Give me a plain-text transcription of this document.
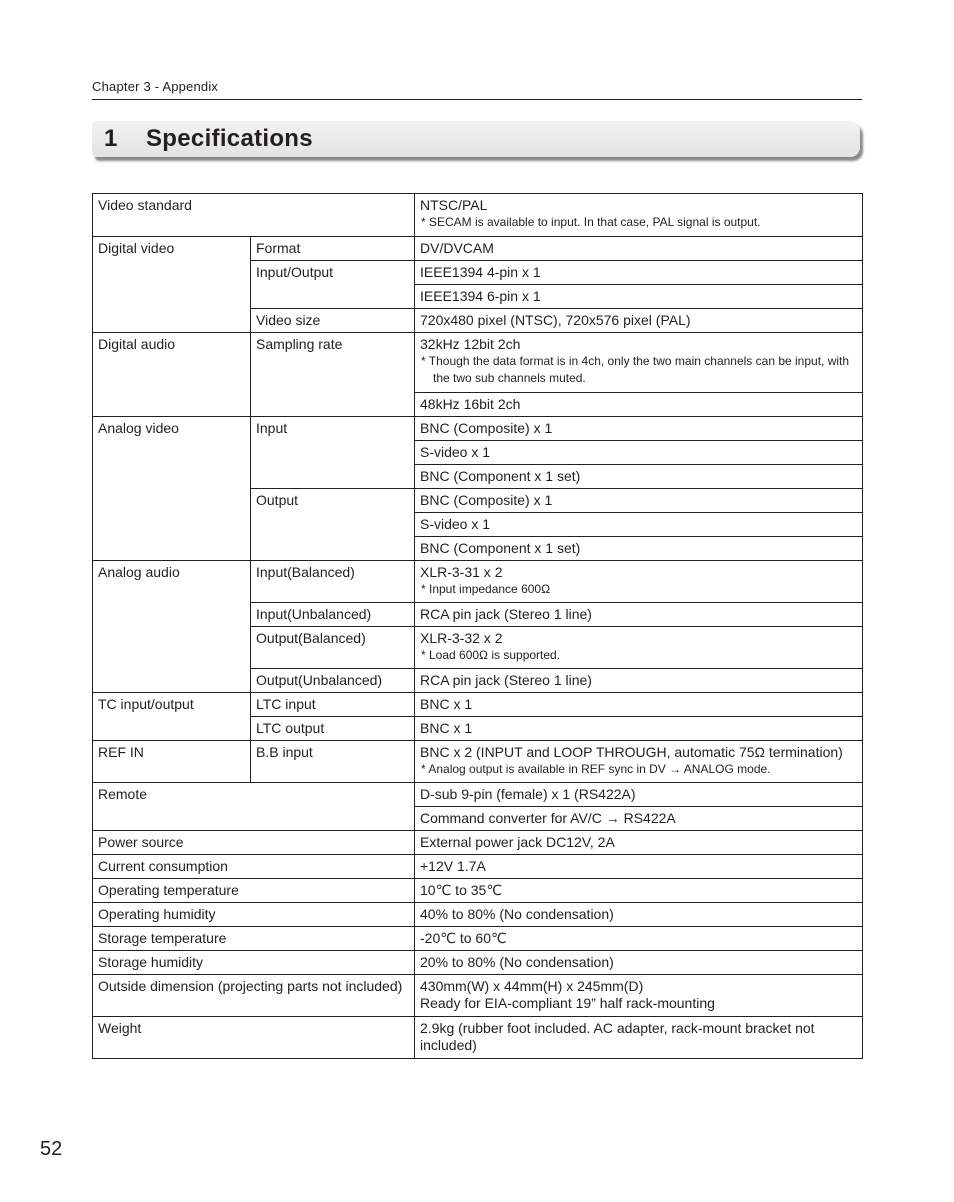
Chapter 3 - Appendix
1 Specifications
Video standard		NTSC/PAL
* SECAM is available to input. In that case, PAL signal is output.

Digital video	Format	DV/DVCAM
	Input/Output	IEEE1394 4-pin x 1
		IEEE1394 6-pin x 1
	Video size	720x480 pixel (NTSC), 720x576 pixel (PAL)
Digital audio	Sampling rate	32kHz 12bit 2ch
* Though the data format is in 4ch, only the two main channels can be input, with the two sub channels muted.

		48kHz 16bit 2ch
Analog video	Input	BNC (Composite) x 1
		S-video x 1
		BNC (Component x 1 set)
	Output	BNC (Composite) x 1
		S-video x 1
		BNC (Component x 1 set)
Analog audio	Input(Balanced)	XLR-3-31 x 2
* Input impedance 600Ω

	Input(Unbalanced)	RCA pin jack (Stereo 1 line)
	Output(Balanced)	XLR-3-32 x 2
* Load 600Ω is supported.

	Output(Unbalanced)	RCA pin jack (Stereo 1 line)
TC input/output	LTC input	BNC x 1
	LTC output	BNC x 1
REF IN	B.B input	BNC x 2 (INPUT and LOOP THROUGH, automatic 75Ω termination)
* Analog output is available in REF sync in DV → ANALOG mode.

Remote		D-sub 9-pin (female) x 1 (RS422A)
		Command converter for AV/C → RS422A
Power source		External power jack DC12V, 2A
Current consumption		+12V 1.7A
Operating temperature		10℃ to 35℃
Operating humidity		40% to 80% (No condensation)
Storage temperature		-20℃ to 60℃
Storage humidity		20% to 80% (No condensation)
Outside dimension (projecting parts not included)		430mm(W) x 44mm(H) x 245mm(D)
Ready for EIA-compliant 19” half rack-mounting

Weight		2.9kg (rubber foot included. AC adapter, rack-mount bracket not included)
52
